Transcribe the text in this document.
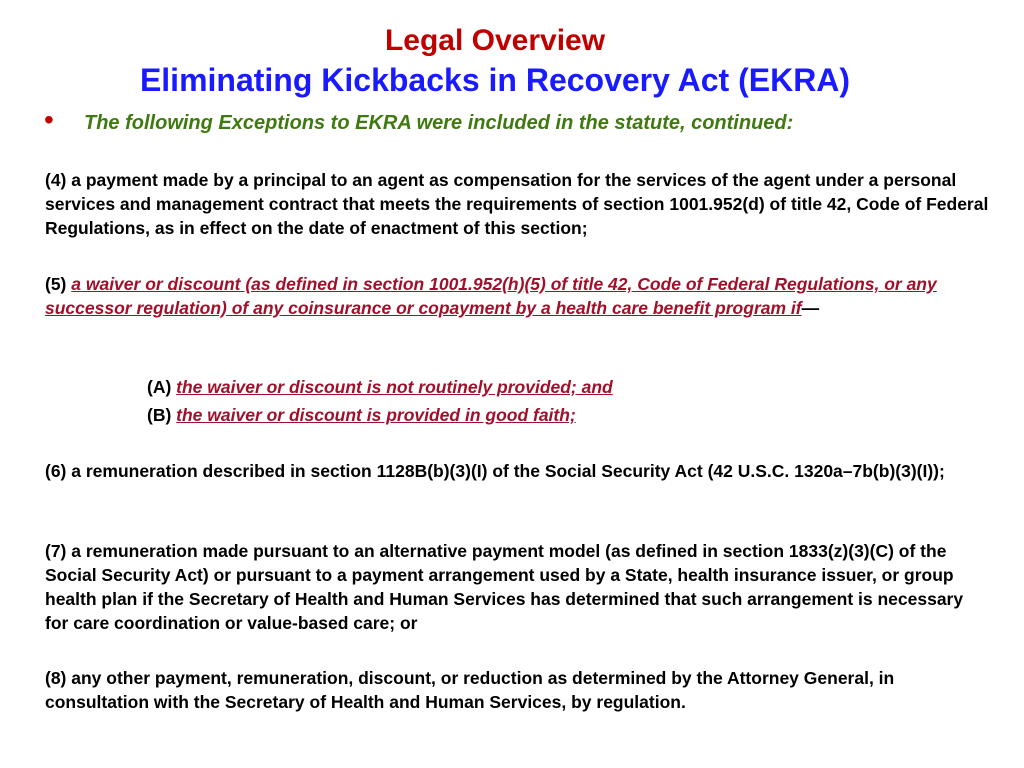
Legal Overview
Eliminating Kickbacks in Recovery Act (EKRA)
• The following Exceptions to EKRA were included in the statute, continued:
(4) a payment made by a principal to an agent as compensation for the services of the agent under a personal services and management contract that meets the requirements of section 1001.952(d) of title 42, Code of Federal Regulations, as in effect on the date of enactment of this section;
(5) a waiver or discount (as defined in section 1001.952(h)(5) of title 42, Code of Federal Regulations, or any successor regulation) of any coinsurance or copayment by a health care benefit program if—
(A) the waiver or discount is not routinely provided; and
(B) the waiver or discount is provided in good faith;
(6) a remuneration described in section 1128B(b)(3)(I) of the Social Security Act (42 U.S.C. 1320a–7b(b)(3)(I));
(7) a remuneration made pursuant to an alternative payment model (as defined in section 1833(z)(3)(C) of the Social Security Act) or pursuant to a payment arrangement used by a State, health insurance issuer, or group health plan if the Secretary of Health and Human Services has determined that such arrangement is necessary for care coordination or value-based care; or
(8) any other payment, remuneration, discount, or reduction as determined by the Attorney General, in consultation with the Secretary of Health and Human Services, by regulation.
